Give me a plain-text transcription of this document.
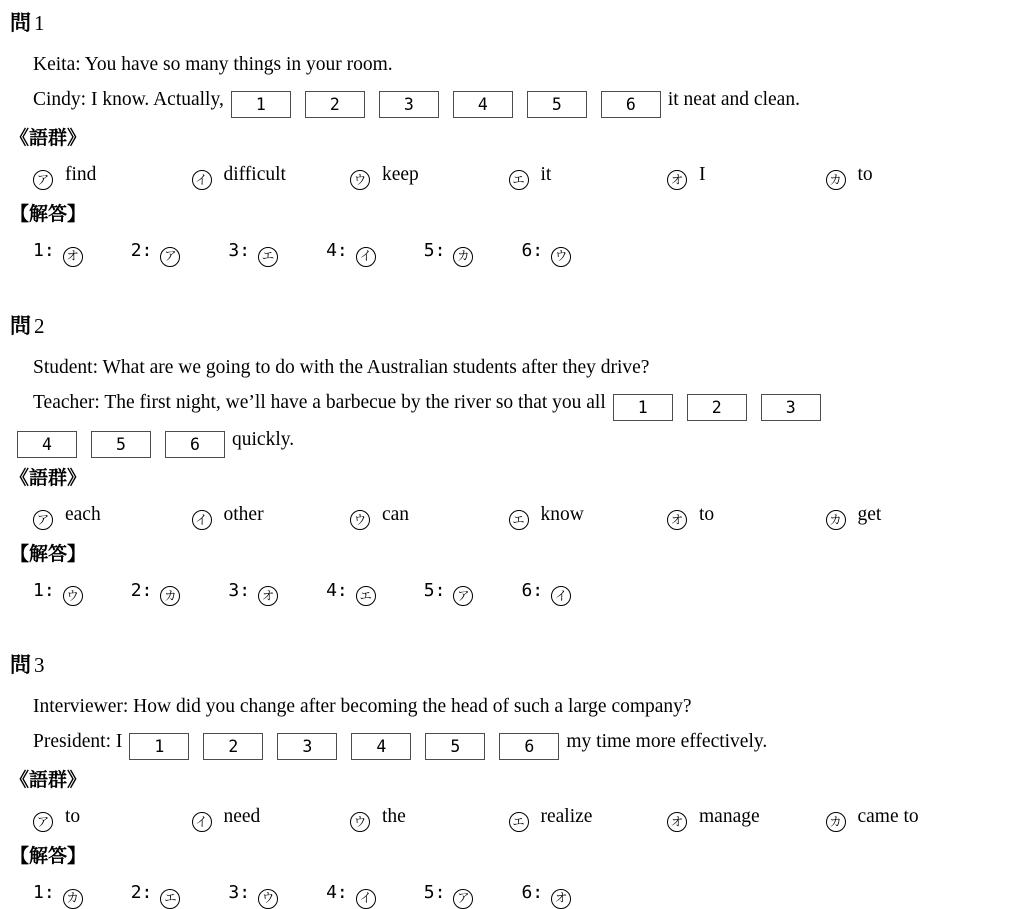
問 1
Keita: You have so many things in your room.
Cindy: I know. Actually, 1	2	3	4	5	6 it neat and clean.
《語群》
ア find	イ difficult	ウ keep	エ it	オ I	カ to
【解答】
1: オ	2: ア	3: エ	4: イ	5: カ	6: ウ
問 2
Student: What are we going to do with the Australian students after they drive?
Teacher: The first night, we’ll have a barbecue by the river so that you all 1	2	3
4	5	6 quickly.
《語群》
ア each	イ other	ウ can	エ know	オ to	カ get
【解答】
1: ウ	2: カ	3: オ	4: エ	5: ア	6: イ
問 3
Interviewer: How did you change after becoming the head of such a large company?
President: I 1	2	3	4	5	6 my time more effectively.
《語群》
ア to	イ need	ウ the	エ realize	オ manage	カ came to
【解答】
1: カ	2: エ	3: ウ	4: イ	5: ア	6: オ
